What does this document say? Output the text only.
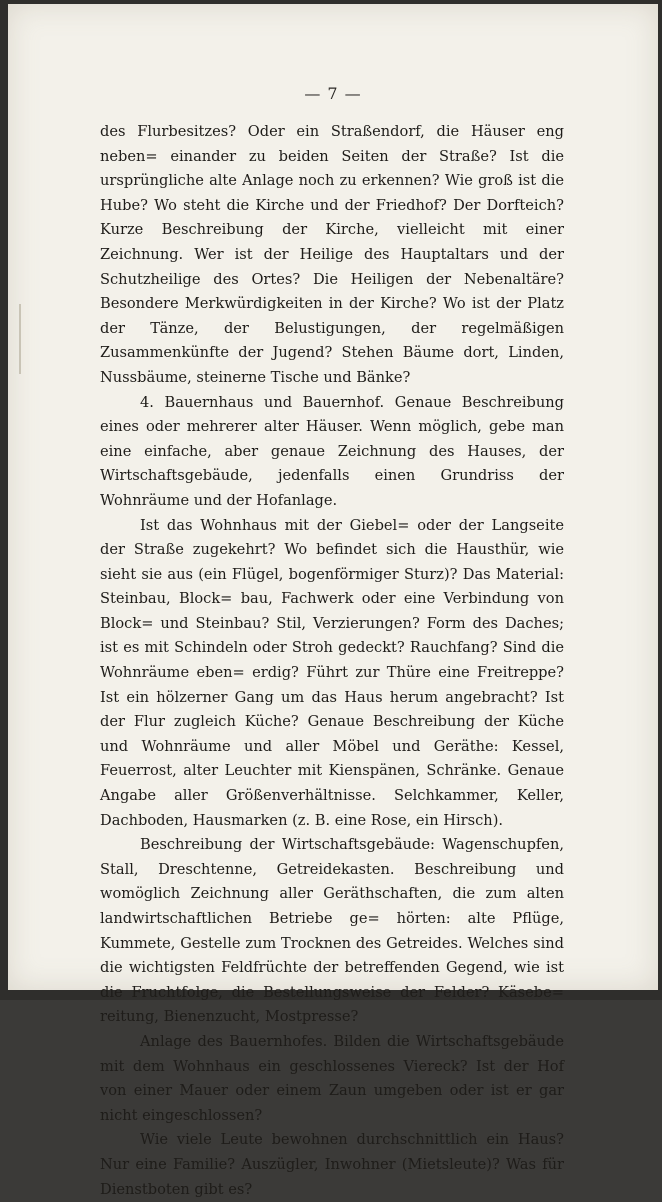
— 7 —

des Flurbesitzes? Oder ein Straßendorf, die Häuser eng neben= einander zu beiden Seiten der Straße? Ist die ursprüngliche alte Anlage noch zu erkennen? Wie groß ist die Hube? Wo steht die Kirche und der Friedhof? Der Dorfteich? Kurze Beschreibung der Kirche, vielleicht mit einer Zeichnung. Wer ist der Heilige des Hauptaltars und der Schutzheilige des Ortes? Die Heiligen der Nebenaltäre? Besondere Merkwürdigkeiten in der Kirche? Wo ist der Platz der Tänze, der Belustigungen, der regelmäßigen Zusammenkünfte der Jugend? Stehen Bäume dort, Linden, Nussbäume, steinerne Tische und Bänke?

4. Bauernhaus und Bauernhof. Genaue Beschreibung eines oder mehrerer alter Häuser. Wenn möglich, gebe man eine einfache, aber genaue Zeichnung des Hauses, der Wirtschaftsgebäude, jedenfalls einen Grundriss der Wohnräume und der Hofanlage.

Ist das Wohnhaus mit der Giebel= oder der Langseite der Straße zugekehrt? Wo befindet sich die Hausthür, wie sieht sie aus (ein Flügel, bogenförmiger Sturz)? Das Material: Steinbau, Block= bau, Fachwerk oder eine Verbindung von Block= und Steinbau? Stil, Verzierungen? Form des Daches; ist es mit Schindeln oder Stroh gedeckt? Rauchfang? Sind die Wohnräume eben= erdig? Führt zur Thüre eine Freitreppe? Ist ein hölzerner Gang um das Haus herum angebracht? Ist der Flur zugleich Küche? Genaue Beschreibung der Küche und Wohnräume und aller Möbel und Geräthe: Kessel, Feuerrost, alter Leuchter mit Kienspänen, Schränke. Genaue Angabe aller Größenverhältnisse. Selchkammer, Keller, Dachboden, Hausmarken (z. B. eine Rose, ein Hirsch).

Beschreibung der Wirtschaftsgebäude: Wagenschupfen, Stall, Dreschtenne, Getreidekasten. Beschreibung und womöglich Zeichnung aller Geräthschaften, die zum alten landwirtschaftlichen Betriebe ge= hörten: alte Pflüge, Kummete, Gestelle zum Trocknen des Getreides. Welches sind die wichtigsten Feldfrüchte der betreffenden Gegend, wie ist die Fruchtfolge, die Bestellungsweise der Felder? Käsebe= reitung, Bienenzucht, Mostpresse?

Anlage des Bauernhofes. Bilden die Wirtschaftsgebäude mit dem Wohnhaus ein geschlossenes Viereck? Ist der Hof von einer Mauer oder einem Zaun umgeben oder ist er gar nicht eingeschlossen?

Wie viele Leute bewohnen durchschnittlich ein Haus? Nur eine Familie? Auszügler, Inwohner (Mietsleute)? Was für Dienstboten gibt es?
